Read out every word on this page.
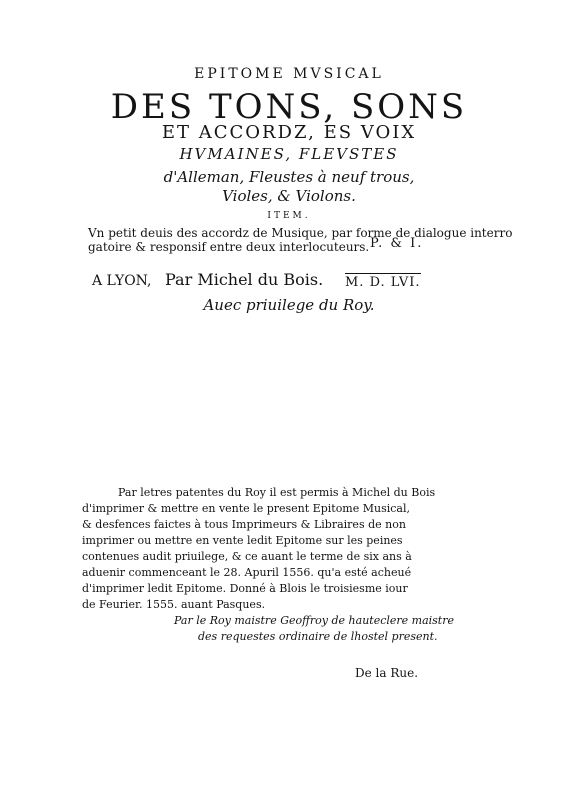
EPITOME MVSICAL
DES TONS, SONS
ET ACCORDZ, ES VOIX
HVMAINES, FLEVSTES
d'Alleman, Fleustes à neuf trous,
Violes, & Violons.
ITEM.
Vn petit deuis des accordz de Musique, par forme de dialogue interro
gatoire & responsif entre deux interlocuteurs. P. & I.
A LYON, Par Michel du Bois. M. D. LVI.
Auec priuilege du Roy.
Par letres patentes du Roy il est permis à Michel du Bois
d'imprimer & mettre en vente le present Epitome Musical,
& desfences faictes à tous Imprimeurs & Libraires de non
imprimer ou mettre en vente ledit Epitome sur les peines
contenues audit priuilege, & ce auant le terme de six ans à
aduenir commenceant le 28. Apuril 1556. qu'a esté acheué
d'imprimer ledit Epitome. Donné à Blois le troisiesme iour
de Feurier. 1555. auant Pasques.
Par le Roy maistre Geoffroy de hauteclere maistre
des requestes ordinaire de lhostel present.
De la Rue.
